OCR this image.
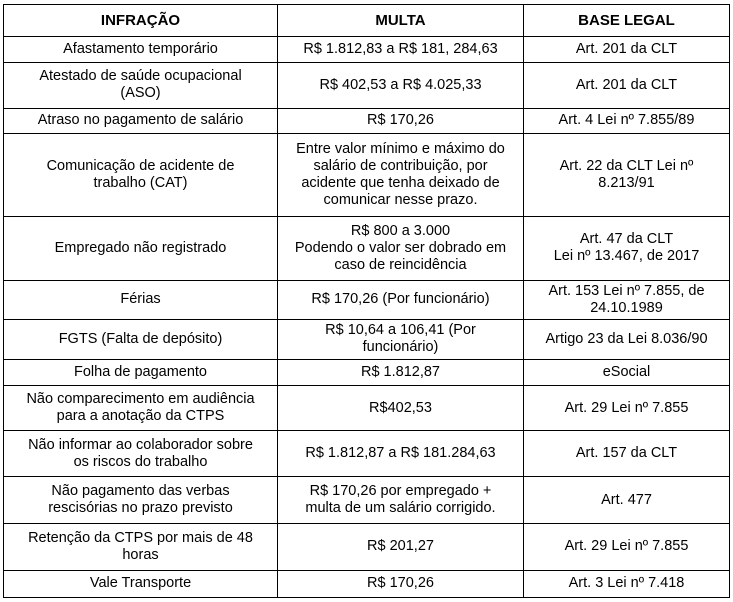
INFRAÇÃO	MULTA	BASE LEGAL

Afastamento temporário	R$ 1.812,83 a R$ 181, 284,63	Art. 201 da CLT

Atestado de saúde ocupacional
(ASO)	R$ 402,53 a R$ 4.025,33	Art. 201 da CLT

Atraso no pagamento de salário	R$ 170,26	Art. 4 Lei nº 7.855/89

Comunicação de acidente de
trabalho (CAT)	Entre valor mínimo e máximo do
salário de contribuição, por
acidente que tenha deixado de
comunicar nesse prazo.	Art. 22 da CLT Lei nº
8.213/91

Empregado não registrado	R$ 800 a 3.000
Podendo o valor ser dobrado em
caso de reincidência	Art. 47 da CLT
Lei nº 13.467, de 2017

Férias	R$ 170,26 (Por funcionário)	Art. 153 Lei nº 7.855, de
24.10.1989

FGTS (Falta de depósito)	R$ 10,64 a 106,41 (Por
funcionário)	Artigo 23 da Lei 8.036/90

Folha de pagamento	R$ 1.812,87	eSocial

Não comparecimento em audiência
para a anotação da CTPS	R$402,53	Art. 29 Lei nº 7.855

Não informar ao colaborador sobre
os riscos do trabalho	R$ 1.812,87 a R$ 181.284,63	Art. 157 da CLT

Não pagamento das verbas
rescisórias no prazo previsto	R$ 170,26 por empregado +
multa de um salário corrigido.	Art. 477

Retenção da CTPS por mais de 48
horas	R$ 201,27	Art. 29 Lei nº 7.855

Vale Transporte	R$ 170,26	Art. 3 Lei nº 7.418
